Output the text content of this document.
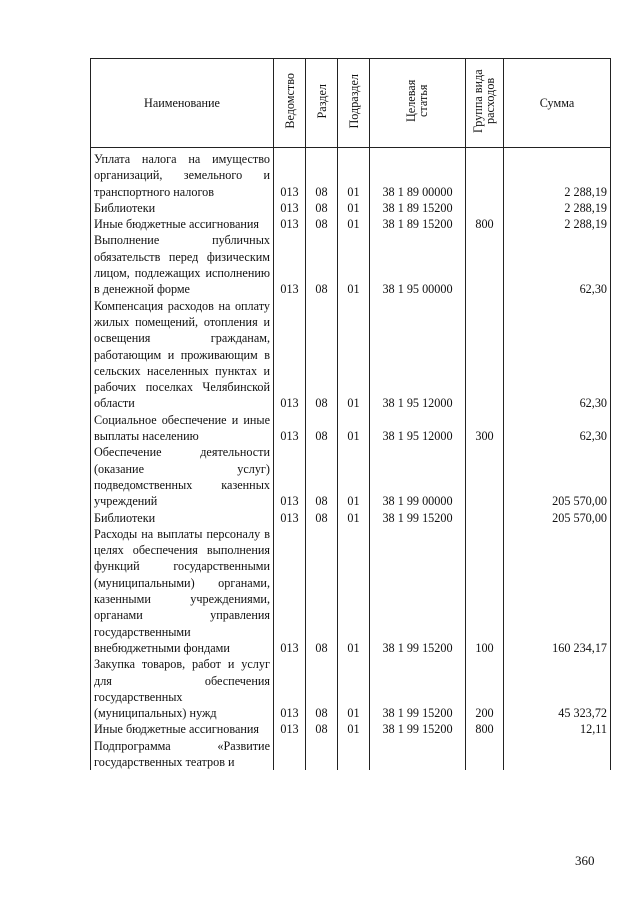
Наименование	Ведомство	Раздел	Подраздел	Целевая статья	Группа вида расходов	Сумма
Уплата налога на имущество организаций, земельного и транспортного налогов	013	08	01	38 1 89 00000		2 288,19
Библиотеки	013	08	01	38 1 89 15200		2 288,19
Иные бюджетные ассигнования	013	08	01	38 1 89 15200	800	2 288,19
Выполнение публичных обязательств перед физическим лицом, подлежащих исполнению в денежной форме	013	08	01	38 1 95 00000		62,30
Компенсация расходов на оплату жилых помещений, отопления и освещения гражданам, работающим и проживающим в сельских населенных пунктах и рабочих поселках Челябинской области	013	08	01	38 1 95 12000		62,30
Социальное обеспечение и иные выплаты населению	013	08	01	38 1 95 12000	300	62,30
Обеспечение деятельности (оказание услуг) подведомственных казенных учреждений	013	08	01	38 1 99 00000		205 570,00
Библиотеки	013	08	01	38 1 99 15200		205 570,00
Расходы на выплаты персоналу в целях обеспечения выполнения функций государственными (муниципальными) органами, казенными учреждениями, органами управления государственными внебюджетными фондами	013	08	01	38 1 99 15200	100	160 234,17
Закупка товаров, работ и услуг для обеспечения государственных (муниципальных) нужд	013	08	01	38 1 99 15200	200	45 323,72
Иные бюджетные ассигнования	013	08	01	38 1 99 15200	800	12,11
Подпрограмма «Развитие государственных театров и						
360
